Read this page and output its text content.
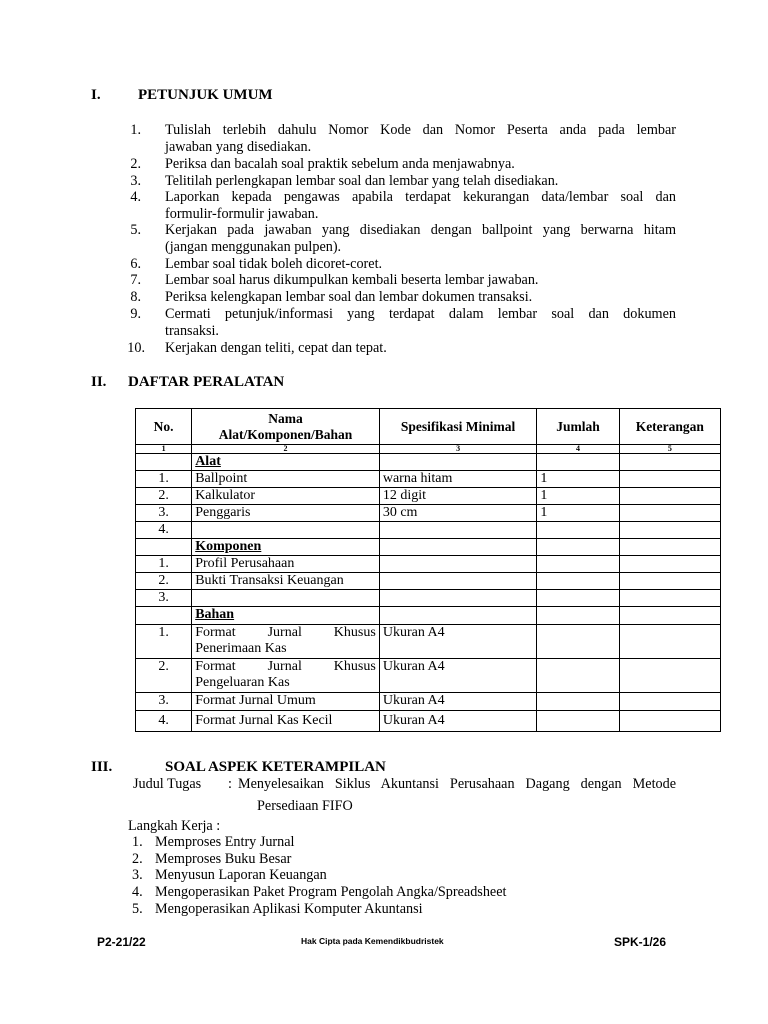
I. PETUNJUK UMUM
1. Tulislah terlebih dahulu Nomor Kode dan Nomor Peserta anda pada lembar
jawaban yang disediakan.
2. Periksa dan bacalah soal praktik sebelum anda menjawabnya.
3. Telitilah perlengkapan lembar soal dan lembar yang telah disediakan.
4. Laporkan kepada pengawas apabila terdapat kekurangan data/lembar soal dan
formulir-formulir jawaban.
5. Kerjakan pada jawaban yang disediakan dengan ballpoint yang berwarna hitam
(jangan menggunakan pulpen).
6. Lembar soal tidak boleh dicoret-coret.
7. Lembar soal harus dikumpulkan kembali beserta lembar jawaban.
8. Periksa kelengkapan lembar soal dan lembar dokumen transaksi.
9. Cermati petunjuk/informasi yang terdapat dalam lembar soal dan dokumen
transaksi.
10. Kerjakan dengan teliti, cepat dan tepat.
II. DAFTAR PERALATAN
No.	Nama
Alat/Komponen/Bahan	Spesifikasi Minimal	Jumlah	Keterangan
1	2	3	4	5
	Alat			
1.	Ballpoint	warna hitam	1	
2.	Kalkulator	12 digit	1	
3.	Penggaris	30 cm	1	
4.				
	Komponen			
1.	Profil Perusahaan			
2.	Bukti Transaksi Keuangan			
3.				
	Bahan			
1.	Format Jurnal Khusus
Penerimaan Kas	Ukuran A4		
2.	Format Jurnal Khusus
Pengeluaran Kas	Ukuran A4		
3.	Format Jurnal Umum	Ukuran A4		
4.	Format Jurnal Kas Kecil	Ukuran A4		
III.	SOAL ASPEK KETERAMPILAN
Judul Tugas : Menyelesaikan Siklus Akuntansi Perusahaan Dagang dengan Metode
Persediaan FIFO
Langkah Kerja :
1. Memproses Entry Jurnal
2. Memproses Buku Besar
3. Menyusun Laporan Keuangan
4. Mengoperasikan Paket Program Pengolah Angka/Spreadsheet
5. Mengoperasikan Aplikasi Komputer Akuntansi
P2-21/22	Hak Cipta pada Kemendikbudristek	SPK-1/26
